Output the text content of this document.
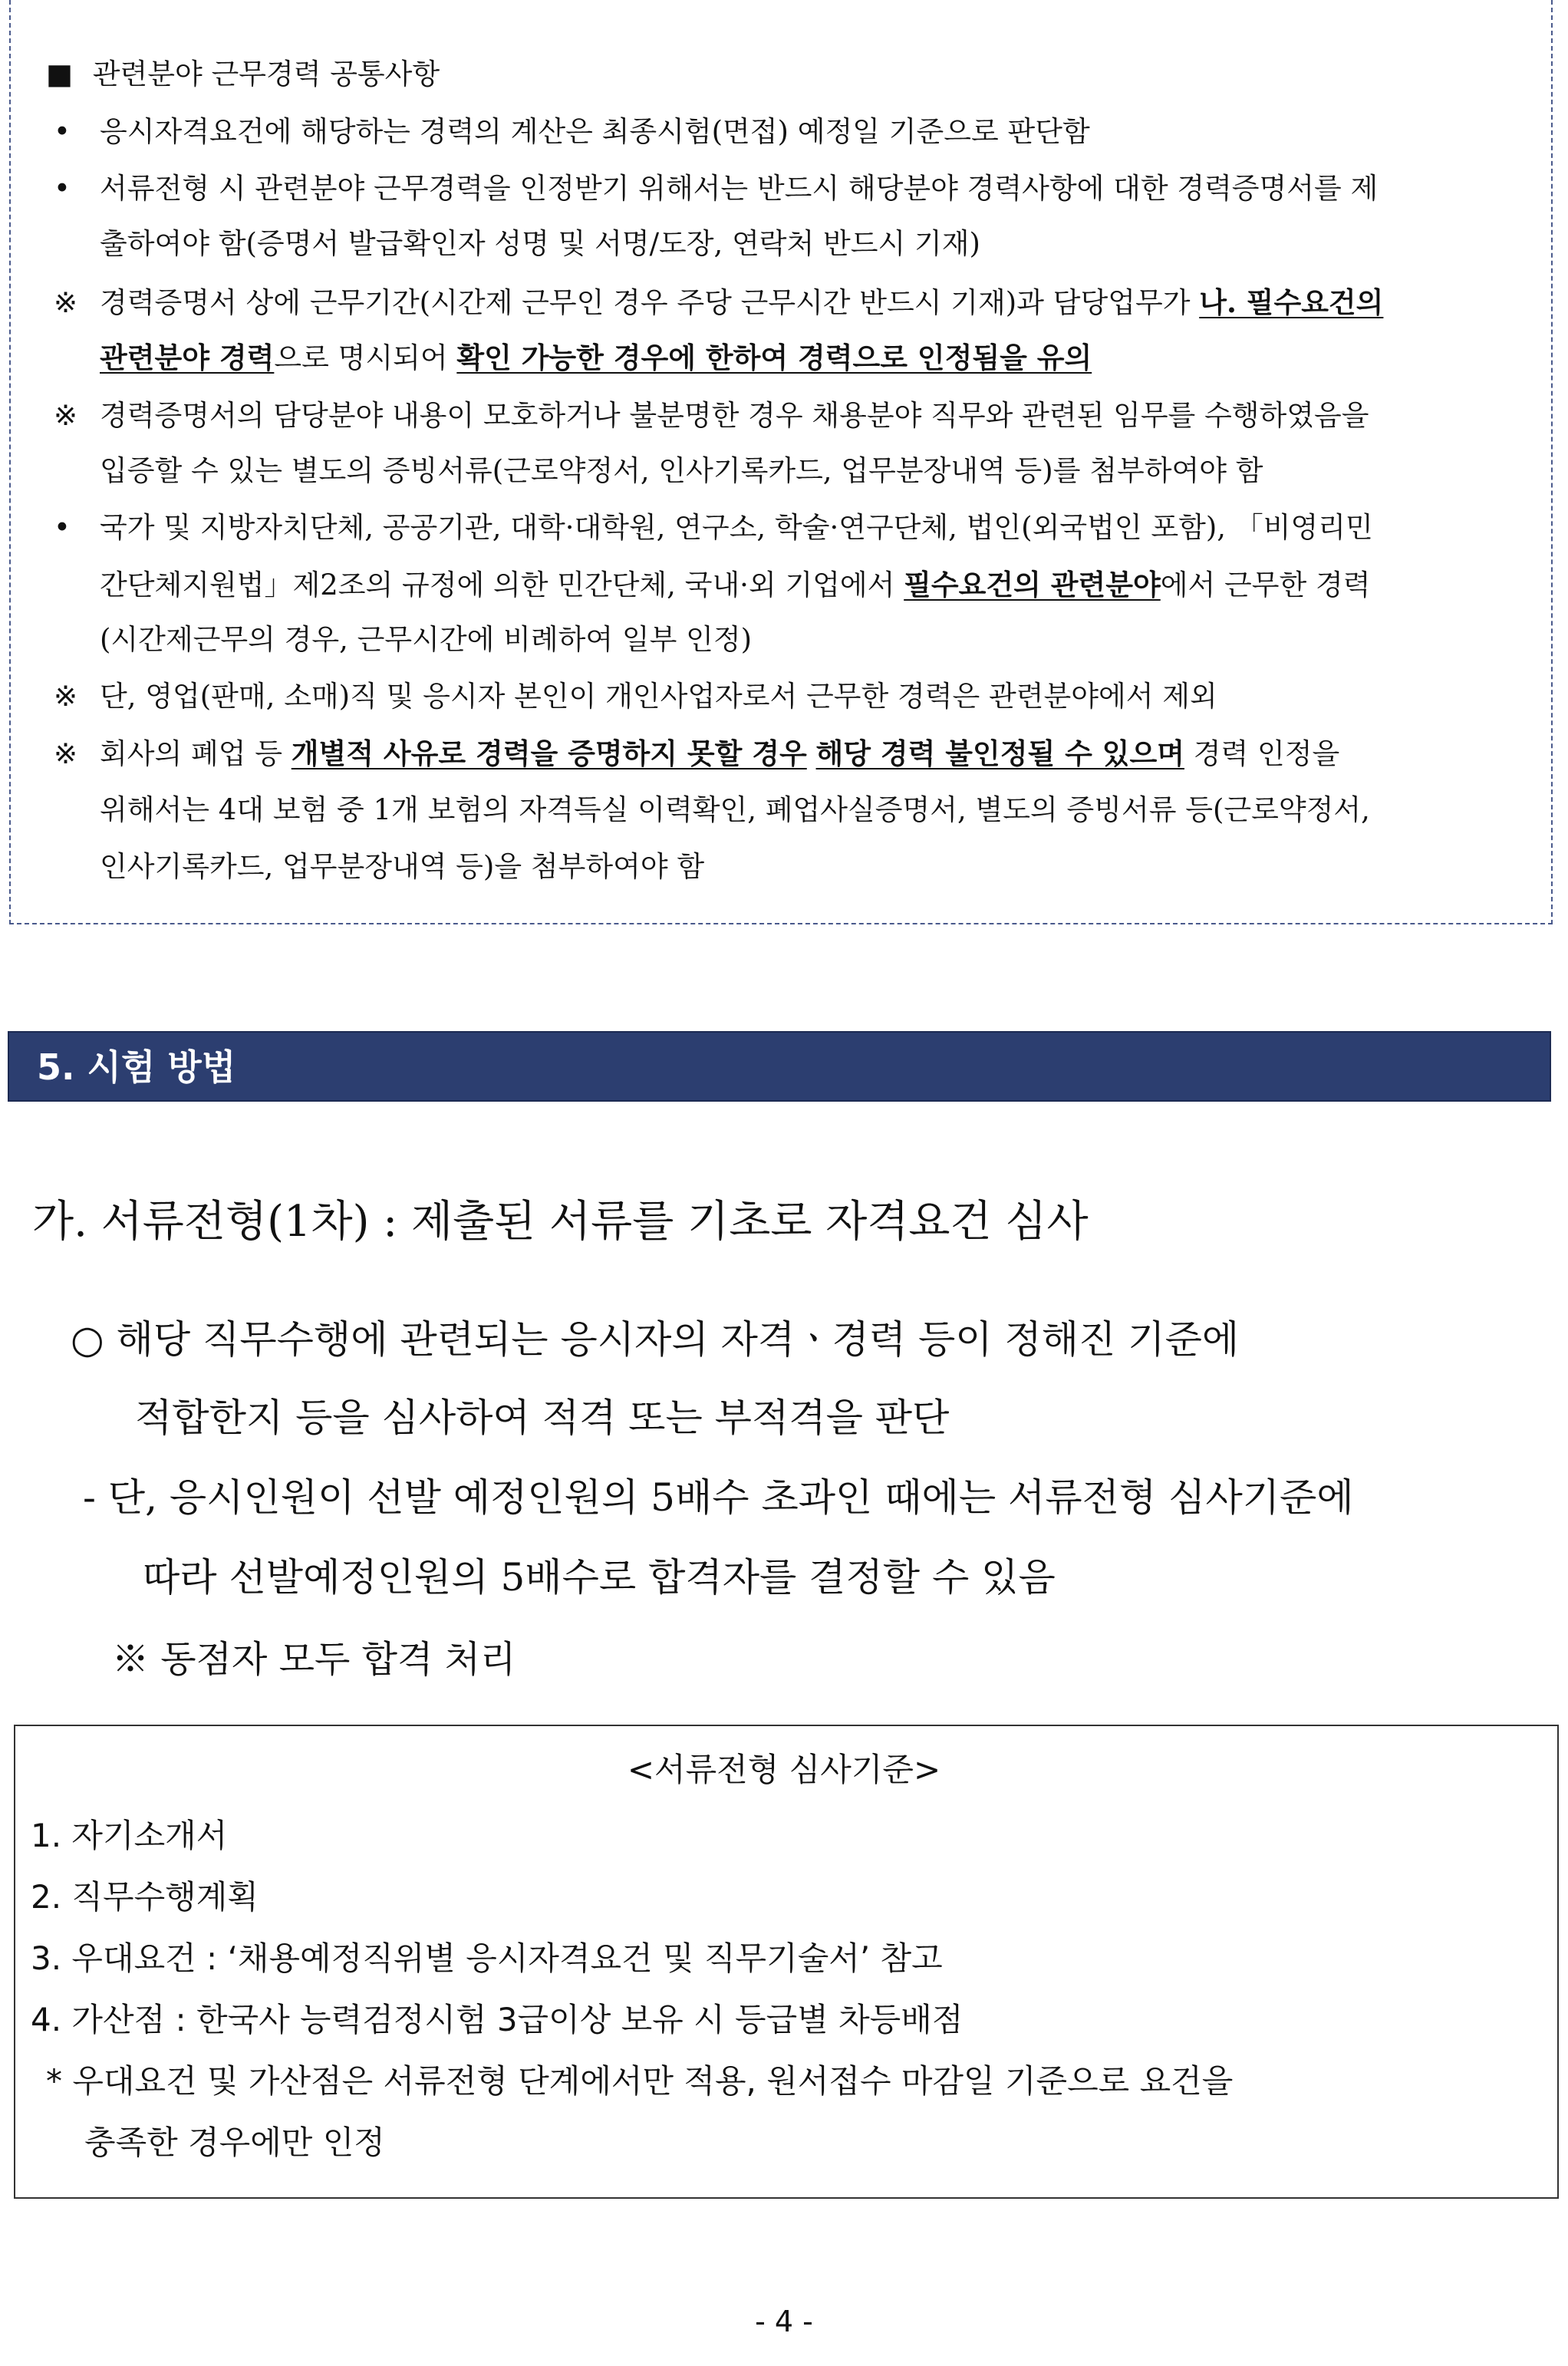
■ 관련분야 근무경력 공통사항
• 응시자격요건에 해당하는 경력의 계산은 최종시험(면접) 예정일 기준으로 판단함
• 서류전형 시 관련분야 근무경력을 인정받기 위해서는 반드시 해당분야 경력사항에 대한 경력증명서를 제
출하여야 함(증명서 발급확인자 성명 및 서명/도장, 연락처 반드시 기재)
※ 경력증명서 상에 근무기간(시간제 근무인 경우 주당 근무시간 반드시 기재)과 담당업무가 나. 필수요건의
관련분야 경력으로 명시되어 확인 가능한 경우에 한하여 경력으로 인정됨을 유의
※ 경력증명서의 담당분야 내용이 모호하거나 불분명한 경우 채용분야 직무와 관련된 임무를 수행하였음을
입증할 수 있는 별도의 증빙서류(근로약정서, 인사기록카드, 업무분장내역 등)를 첨부하여야 함
• 국가 및 지방자치단체, 공공기관, 대학·대학원, 연구소, 학술·연구단체, 법인(외국법인 포함), 「비영리민
간단체지원법」제2조의 규정에 의한 민간단체, 국내·외 기업에서 필수요건의 관련분야에서 근무한 경력
(시간제근무의 경우, 근무시간에 비례하여 일부 인정)
※ 단, 영업(판매, 소매)직 및 응시자 본인이 개인사업자로서 근무한 경력은 관련분야에서 제외
※ 회사의 폐업 등 개별적 사유로 경력을 증명하지 못할 경우 해당 경력 불인정될 수 있으며 경력 인정을
위해서는 4대 보험 중 1개 보험의 자격득실 이력확인, 폐업사실증명서, 별도의 증빙서류 등(근로약정서,
인사기록카드, 업무분장내역 등)을 첨부하여야 함
5. 시험 방법
가. 서류전형(1차) : 제출된 서류를 기초로 자격요건 심사
○ 해당 직무수행에 관련되는 응시자의 자격ㆍ경력 등이 정해진 기준에
적합한지 등을 심사하여 적격 또는 부적격을 판단
- 단, 응시인원이 선발 예정인원의 5배수 초과인 때에는 서류전형 심사기준에
따라 선발예정인원의 5배수로 합격자를 결정할 수 있음
※ 동점자 모두 합격 처리
<서류전형 심사기준>
1. 자기소개서
2. 직무수행계획
3. 우대요건 : ‘채용예정직위별 응시자격요건 및 직무기술서’ 참고
4. 가산점 : 한국사 능력검정시험 3급이상 보유 시 등급별 차등배점
* 우대요건 및 가산점은 서류전형 단계에서만 적용, 원서접수 마감일 기준으로 요건을
충족한 경우에만 인정
- 4 -
